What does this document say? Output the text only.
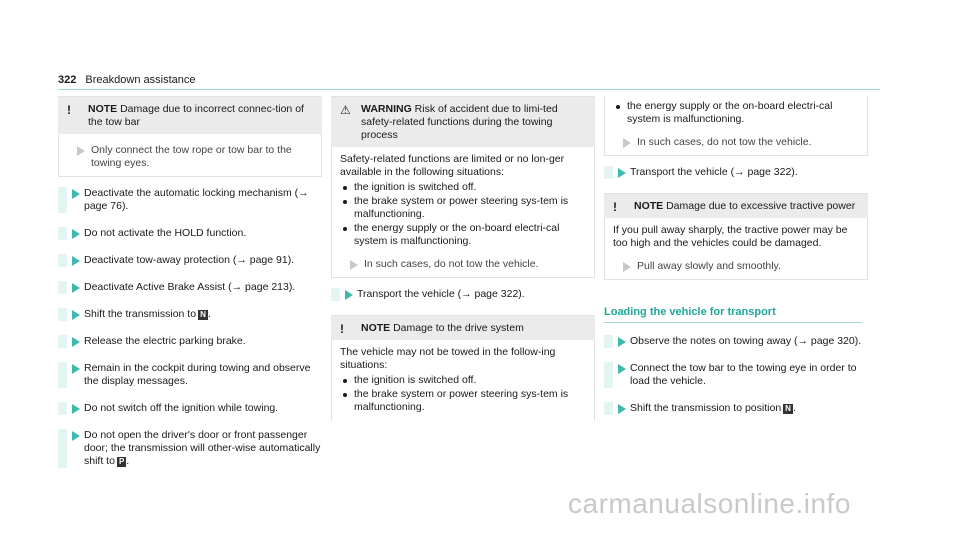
322 Breakdown assistance
! NOTE Damage due to incorrect connec-tion of the tow bar
Only connect the tow rope or tow bar to the towing eyes.
Deactivate the automatic locking mechanism (→ page 76).
Do not activate the HOLD function.
Deactivate tow-away protection (→ page 91).
Deactivate Active Brake Assist (→ page 213).
Shift the transmission to N .
Release the electric parking brake.
Remain in the cockpit during towing and observe the display messages.
Do not switch off the ignition while towing.
Do not open the driver's door or front passenger door; the transmission will other-wise automatically shift to P .
⚠ WARNING Risk of accident due to limi-ted safety-related functions during the towing process
Safety-related functions are limited or no lon-ger available in the following situations:
the ignition is switched off.
the brake system or power steering sys-tem is malfunctioning.
the energy supply or the on-board electri-cal system is malfunctioning.
In such cases, do not tow the vehicle.
Transport the vehicle (→ page 322).
! NOTE Damage to the drive system
The vehicle may not be towed in the follow-ing situations:
the ignition is switched off.
the brake system or power steering sys-tem is malfunctioning.
the energy supply or the on-board electri-cal system is malfunctioning.
In such cases, do not tow the vehicle.
Transport the vehicle (→ page 322).
! NOTE Damage due to excessive tractive power
If you pull away sharply, the tractive power may be too high and the vehicles could be damaged.
Pull away slowly and smoothly.
Loading the vehicle for transport
Observe the notes on towing away (→ page 320).
Connect the tow bar to the towing eye in order to load the vehicle.
Shift the transmission to position N .
carmanualsonline.info
